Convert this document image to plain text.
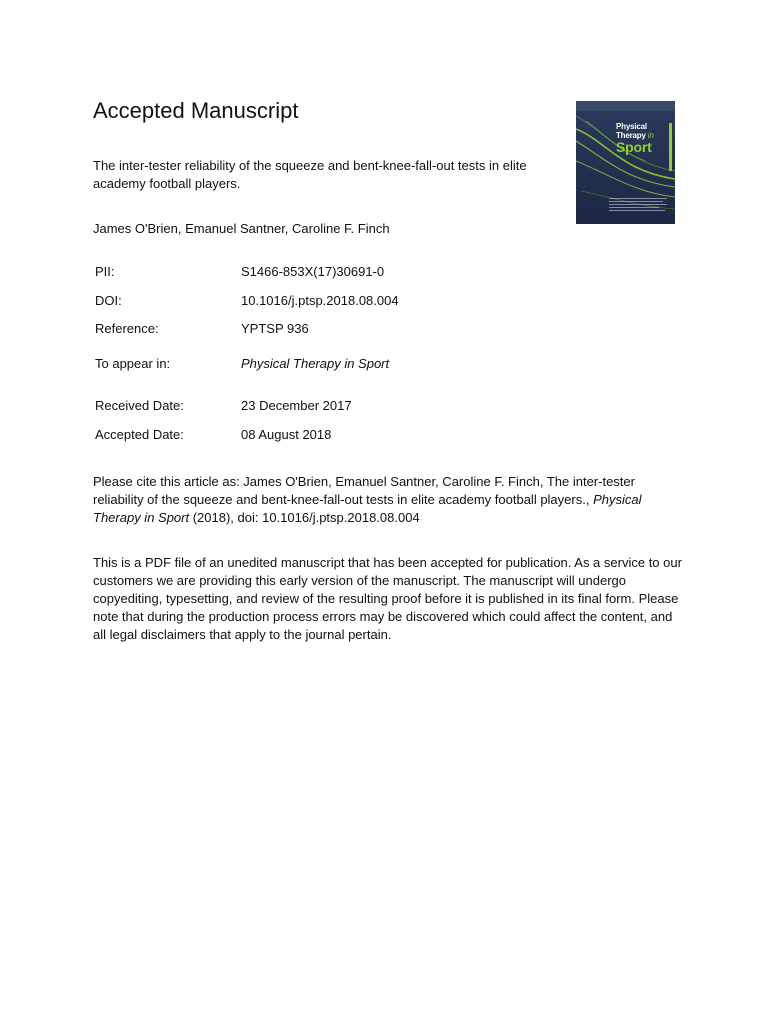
Accepted Manuscript

The inter-tester reliability of the squeeze and bent-knee-fall-out tests in elite academy football players.

James O'Brien, Emanuel Santner, Caroline F. Finch

PII:	S1466-853X(17)30691-0
DOI:	10.1016/j.ptsp.2018.08.004
Reference:	YPTSP 936
To appear in:	Physical Therapy in Sport
Received Date:	23 December 2017
Accepted Date:	08 August 2018

Please cite this article as: James O'Brien, Emanuel Santner, Caroline F. Finch, The inter-tester reliability of the squeeze and bent-knee-fall-out tests in elite academy football players., Physical Therapy in Sport (2018), doi: 10.1016/j.ptsp.2018.08.004

This is a PDF file of an unedited manuscript that has been accepted for publication. As a service to our customers we are providing this early version of the manuscript. The manuscript will undergo copyediting, typesetting, and review of the resulting proof before it is published in its final form. Please note that during the production process errors may be discovered which could affect the content, and all legal disclaimers that apply to the journal pertain.

Physical
Therapy in
Sport
